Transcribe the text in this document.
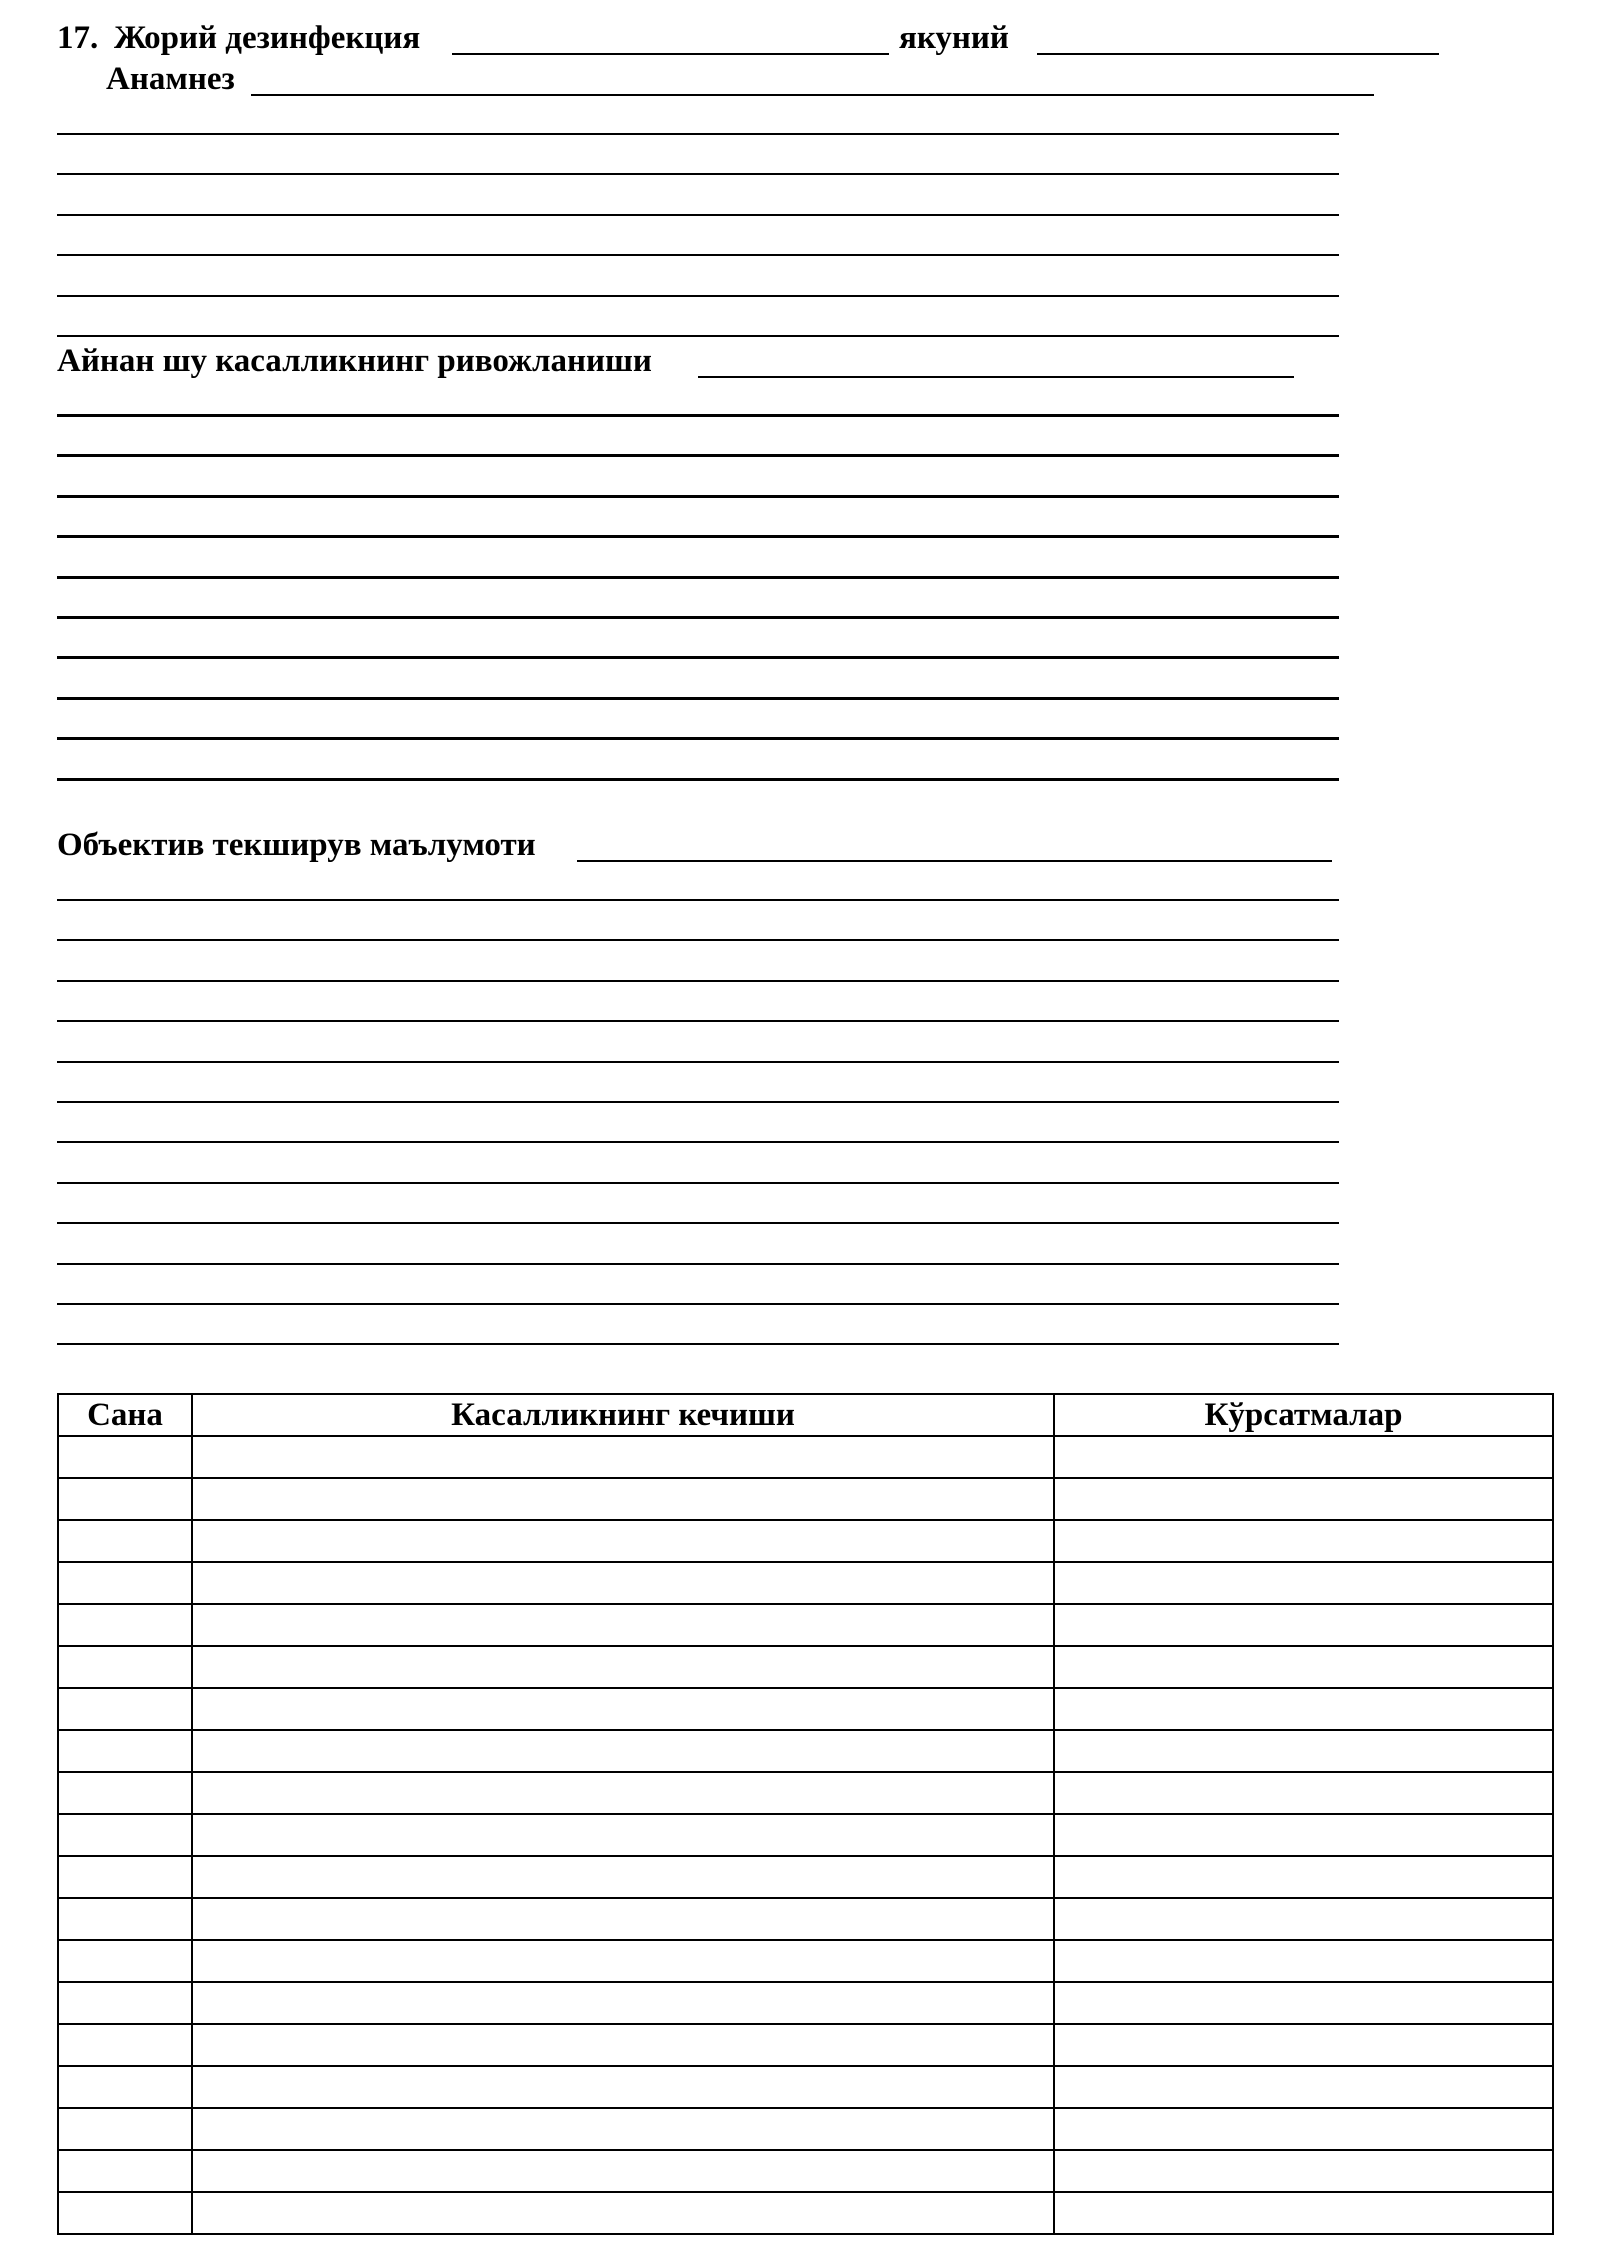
17. Жорий дезинфекция	якуний
Анамнез
Айнан шу касалликнинг ривожланиши
Объектив текширув маълумоти
Сана	Касалликнинг кечиши	Кўрсатмалар
